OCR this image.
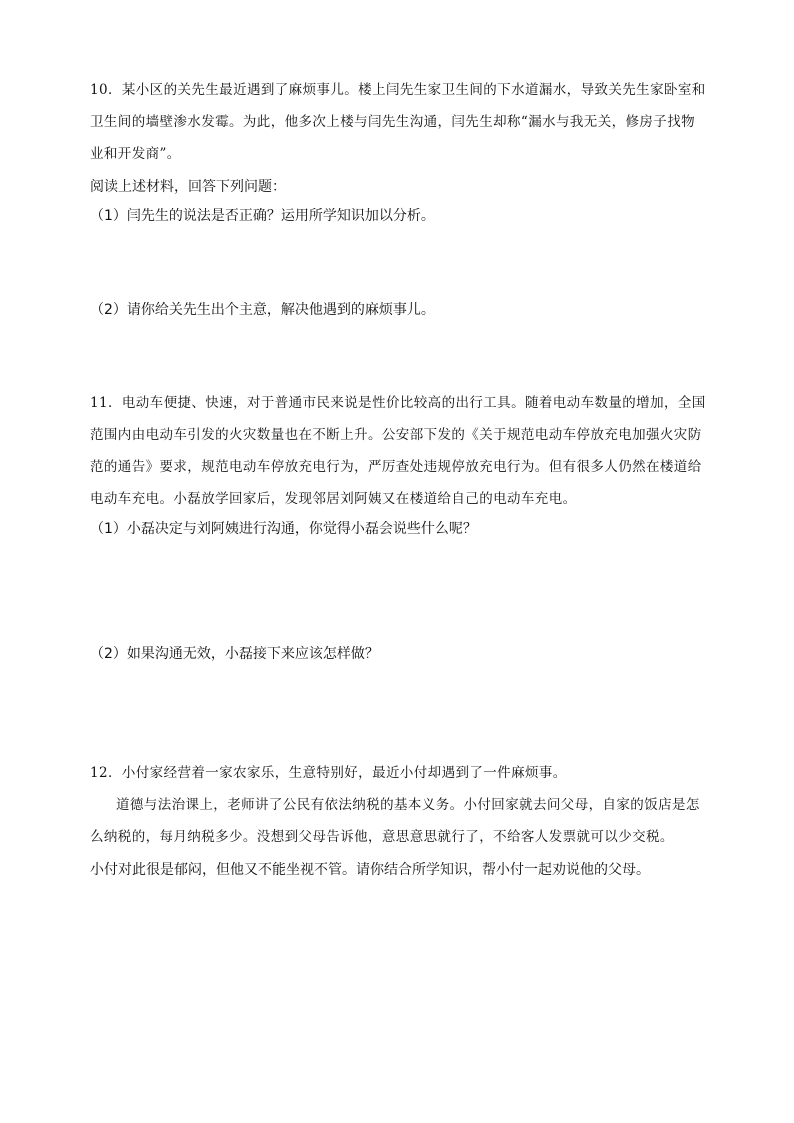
10．某小区的关先生最近遇到了麻烦事儿。楼上闫先生家卫生间的下水道漏水，导致关先生家卧室和
卫生间的墙壁渗水发霉。为此，他多次上楼与闫先生沟通，闫先生却称“漏水与我无关，修房子找物
业和开发商”。
阅读上述材料，回答下列问题：
（1）闫先生的说法是否正确？运用所学知识加以分析。
（2）请你给关先生出个主意，解决他遇到的麻烦事儿。
11．电动车便捷、快速，对于普通市民来说是性价比较高的出行工具。随着电动车数量的增加，全国
范围内由电动车引发的火灾数量也在不断上升。公安部下发的《关于规范电动车停放充电加强火灾防
范的通告》要求，规范电动车停放充电行为，严厉查处违规停放充电行为。但有很多人仍然在楼道给
电动车充电。小磊放学回家后，发现邻居刘阿姨又在楼道给自己的电动车充电。
（1）小磊决定与刘阿姨进行沟通，你觉得小磊会说些什么呢？
（2）如果沟通无效，小磊接下来应该怎样做？
12．小付家经营着一家农家乐，生意特别好，最近小付却遇到了一件麻烦事。
道德与法治课上，老师讲了公民有依法纳税的基本义务。小付回家就去问父母，自家的饭店是怎
么纳税的，每月纳税多少。没想到父母告诉他，意思意思就行了，不给客人发票就可以少交税。
小付对此很是郁闷，但他又不能坐视不管。请你结合所学知识，帮小付一起劝说他的父母。
